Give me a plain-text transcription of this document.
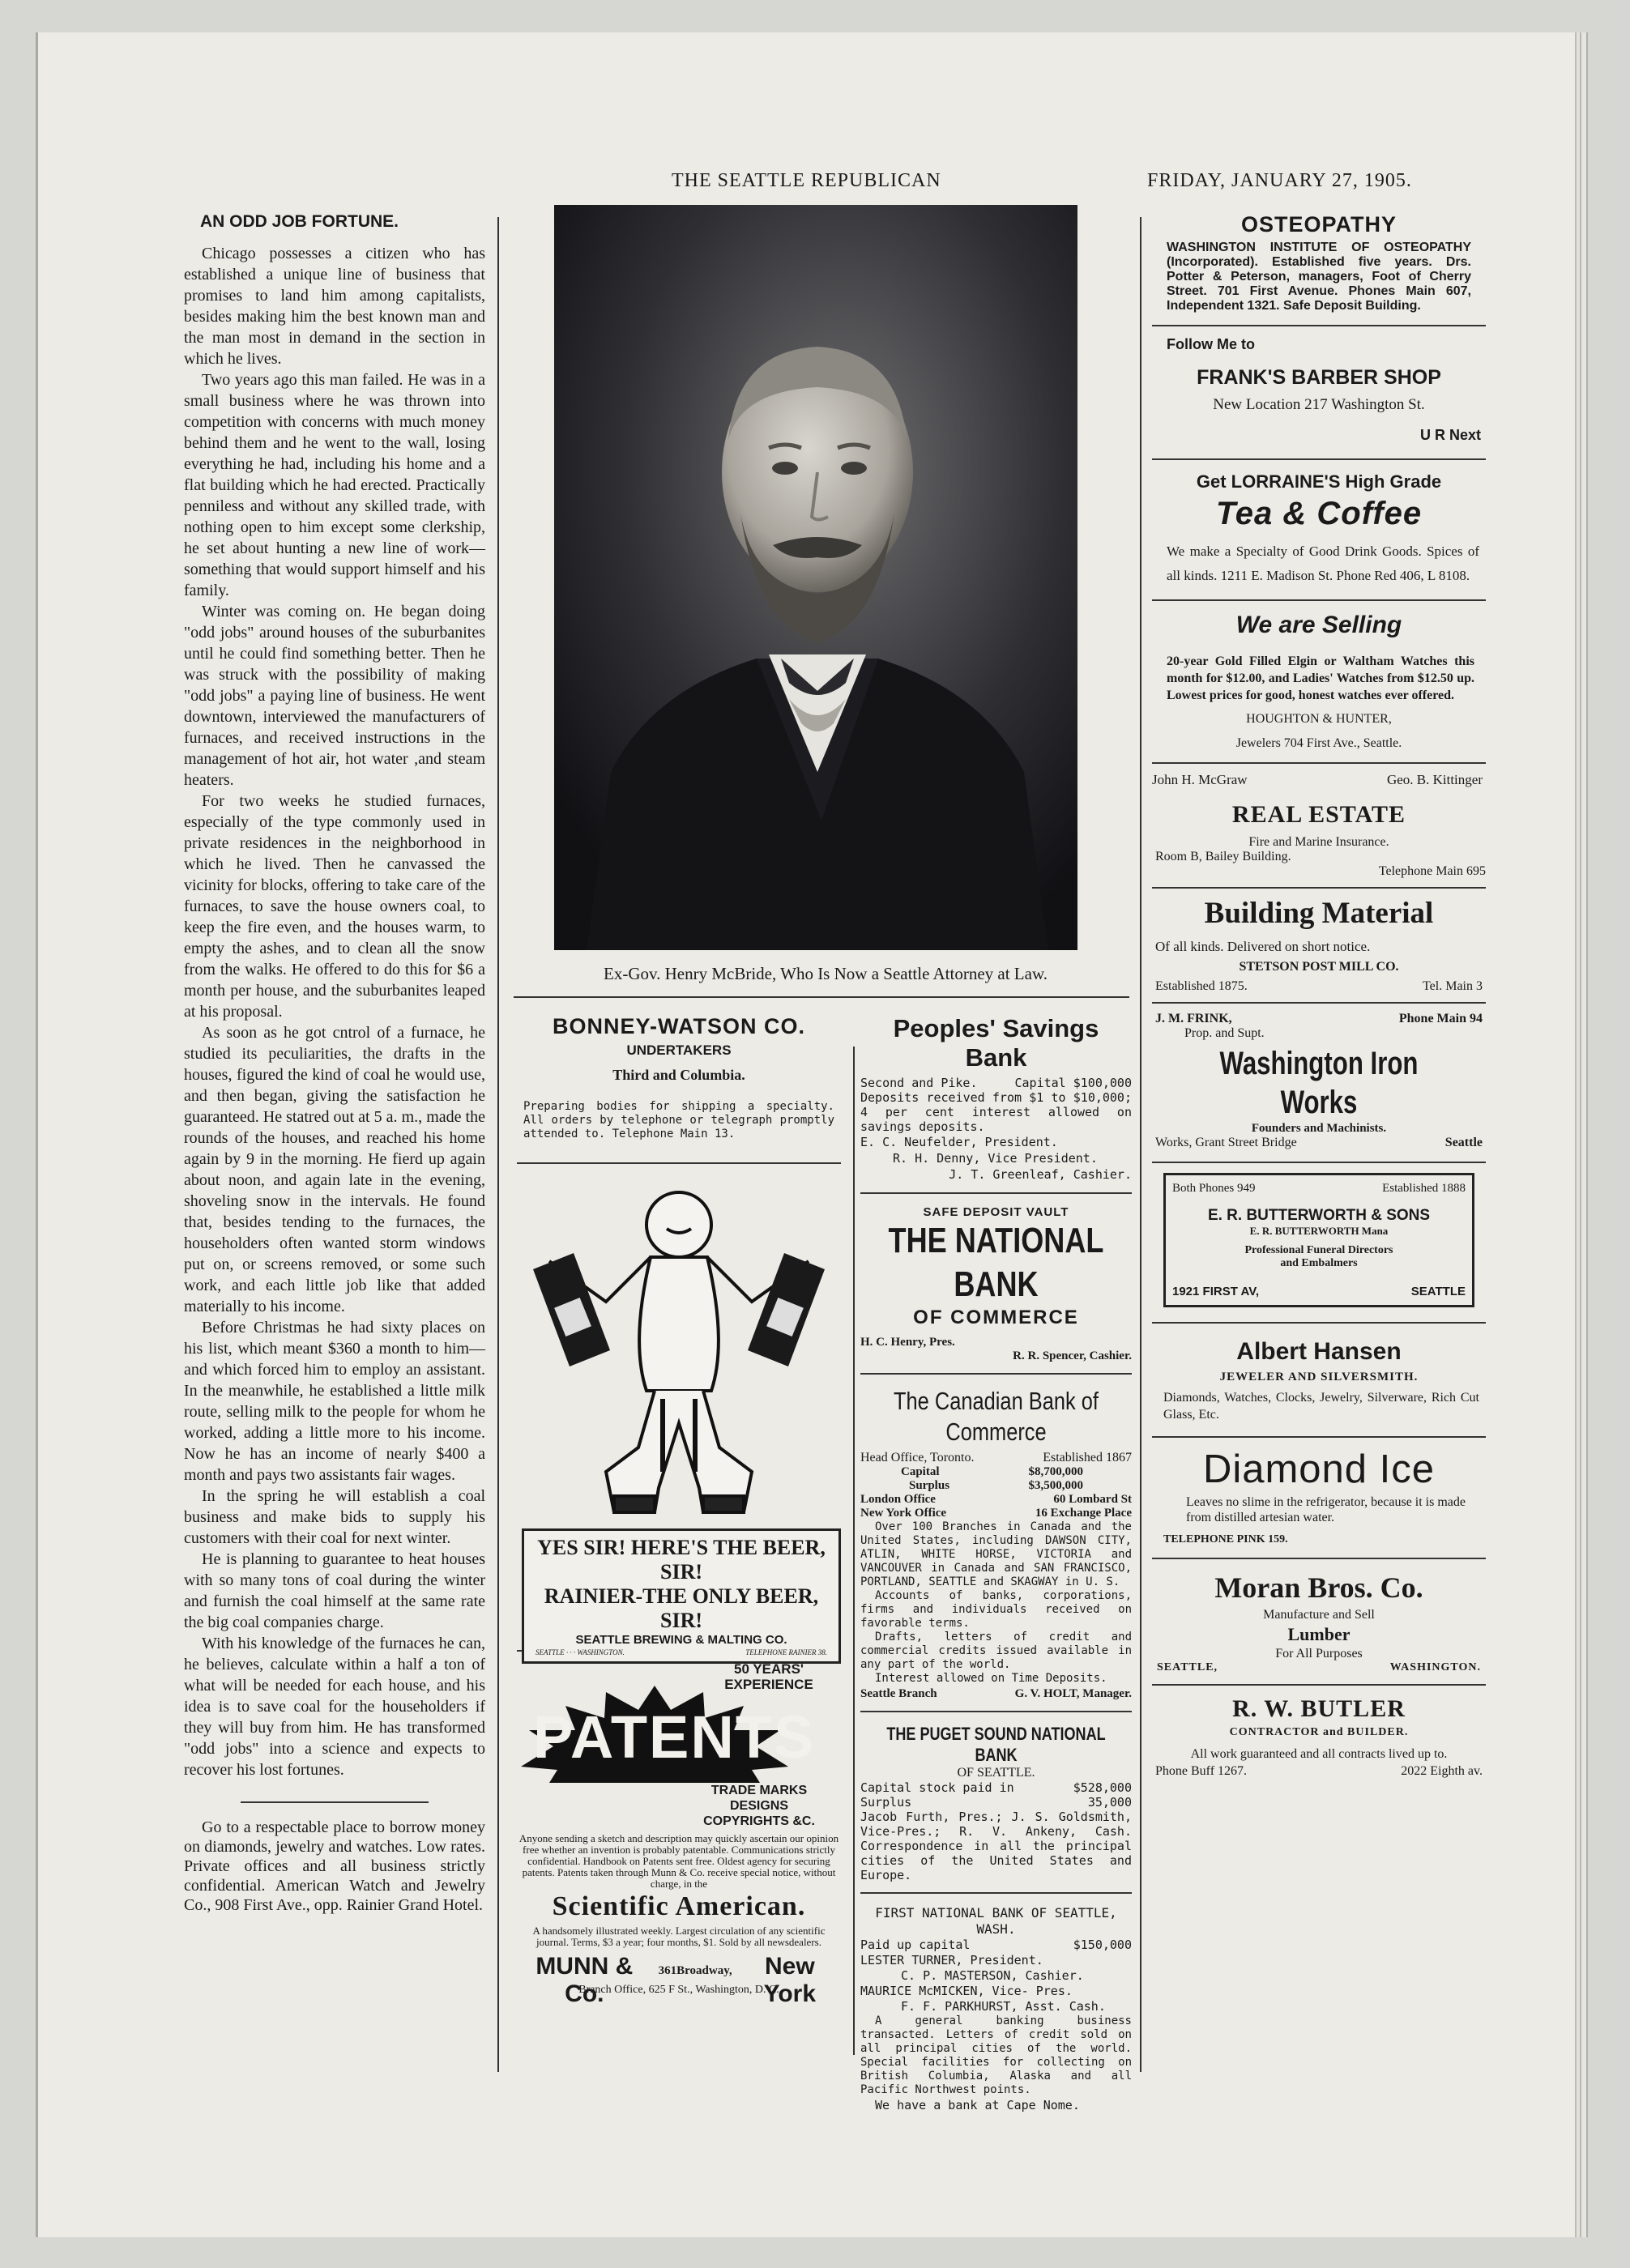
THE SEATTLE REPUBLICAN	FRIDAY, JANUARY 27, 1905.
AN ODD JOB FORTUNE.

Chicago possesses a citizen who has established a unique line of business that promises to land him among capitalists, besides making him the best known man and the man most in demand in the section in which he lives.

Two years ago this man failed. He was in a small business where he was thrown into competition with concerns with much money behind them and he went to the wall, losing everything he had, including his home and a flat building which he had erected. Practically penniless and without any skilled trade, with nothing open to him except some clerkship, he set about hunting a new line of work—something that would support himself and his family.

Winter was coming on. He began doing "odd jobs" around houses of the suburbanites until he could find something better. Then he was struck with the possibility of making "odd jobs" a paying line of business. He went downtown, interviewed the manufacturers of furnaces, and received instructions in the management of hot air, hot water ,and steam heaters.

For two weeks he studied furnaces, especially of the type commonly used in private residences in the neighborhood in which he lived. Then he canvassed the vicinity for blocks, offering to take care of the furnaces, to save the house owners coal, to keep the fire even, and the houses warm, to empty the ashes, and to clean all the snow from the walks. He offered to do this for $6 a month per house, and the suburbanites leaped at his proposal.

As soon as he got cntrol of a furnace, he studied its peculiarities, the drafts in the houses, figured the kind of coal he would use, and then began, giving the satisfaction he guaranteed. He statred out at 5 a. m., made the rounds of the houses, and reached his home again by 9 in the morning. He fierd up again about noon, and again late in the evening, shoveling snow in the intervals. He found that, besides tending to the furnaces, the householders often wanted storm windows put on, or screens removed, or some such work, and each little job like that added materially to his income.

Before Christmas he had sixty places on his list, which meant $360 a month to him—and which forced him to employ an assistant. In the meanwhile, he established a little milk route, selling milk to the people for whom he worked, adding a little more to his income. Now he has an income of nearly $400 a month and pays two assistants fair wages.

In the spring he will establish a coal business and make bids to supply his customers with their coal for next winter.

He is planning to guarantee to heat houses with so many tons of coal during the winter and furnish the coal himself at the same rate the big coal companies charge.

With his knowledge of the furnaces he can, he believes, calculate within a half a ton of what will be needed for each house, and his idea is to save coal for the householders if they will buy from him. He has transformed "odd jobs" into a science and expects to recover his lost fortunes.

Go to a respectable place to borrow money on diamonds, jewelry and watches. Low rates. Private offices and all business strictly confidential. American Watch and Jewelry Co., 908 First Ave., opp. Rainier Grand Hotel.

Ex-Gov. Henry McBride, Who Is Now a Seattle Attorney at Law.
BONNEY-WATSON CO.
UNDERTAKERS
Third and Columbia.
Preparing bodies for shipping a specialty. All orders by telephone or telegraph promptly attended to. Telephone Main 13.
YES SIR! HERE'S THE BEER, SIR!
RAINIER-THE ONLY BEER, SIR!
SEATTLE BREWING & MALTING CO.
SEATTLE · · · WASHINGTON.	TELEPHONE RAINIER 38.
50 YEARS' EXPERIENCE
PATENTS
TRADE MARKS
DESIGNS
COPYRIGHTS &C.
Anyone sending a sketch and description may quickly ascertain our opinion free whether an invention is probably patentable. Communications strictly confidential. Handbook on Patents sent free. Oldest agency for securing patents. Patents taken through Munn & Co. receive special notice, without charge, in the
Scientific American.
A handsomely illustrated weekly. Largest circulation of any scientific journal. Terms, $3 a year; four months, $1. Sold by all newsdealers.
MUNN & Co.
361Broadway,	New York
Branch Office, 625 F St., Washington, D. C.
Peoples' Savings Bank
Second and Pike.	Capital $100,000
Deposits received from $1 to $10,000; 4 per cent interest allowed on savings deposits.
E. C. Neufelder, President.
R. H. Denny, Vice President.
J. T. Greenleaf, Cashier.
SAFE DEPOSIT VAULT
THE NATIONAL BANK
OF COMMERCE
H. C. Henry, Pres.
R. R. Spencer, Cashier.
The Canadian Bank of Commerce
Head Office, Toronto.	Established 1867
Capital	$8,700,000
Surplus	$3,500,000
London Office	60 Lombard St
New York Office	16 Exchange Place
Over 100 Branches in Canada and the United States, including DAWSON CITY, ATLIN, WHITE HORSE, VICTORIA and VANCOUVER in Canada and SAN FRANCISCO, PORTLAND, SEATTLE and SKAGWAY in U. S.
Accounts of banks, corporations, firms and individuals received on favorable terms.
Drafts, letters of credit and commercial credits issued available in any part of the world.
Interest allowed on Time Deposits.
Seattle Branch	G. V. HOLT, Manager.
THE PUGET SOUND NATIONAL BANK
OF SEATTLE.
Capital stock paid in	$528,000
Surplus	35,000
Jacob Furth, Pres.; J. S. Goldsmith, Vice-Pres.; R. V. Ankeny, Cash. Correspondence in all the principal cities of the United States and Europe.
FIRST NATIONAL BANK OF SEATTLE, WASH.
Paid up capital	$150,000
LESTER TURNER, President.
C. P. MASTERSON, Cashier.
MAURICE McMICKEN, Vice- Pres.
F. F. PARKHURST, Asst. Cash.
A general banking business transacted. Letters of credit sold on all principal cities of the world. Special facilities for collecting on British Columbia, Alaska and all Pacific Northwest points.
We have a bank at Cape Nome.
OSTEOPATHY
WASHINGTON INSTITUTE OF OSTEOPATHY (Incorporated). Established five years. Drs. Potter & Peterson, managers, Foot of Cherry Street. 701 First Avenue. Phones Main 607, Independent 1321. Safe Deposit Building.
Follow Me to
FRANK'S BARBER SHOP
New Location 217 Washington St.
U R Next
Get LORRAINE'S High Grade
Tea & Coffee
We make a Specialty of Good Drink Goods. Spices of all kinds. 1211 E. Madison St. Phone Red 406, L 8108.
We are Selling
20-year Gold Filled Elgin or Waltham Watches this month for $12.00, and Ladies' Watches from $12.50 up. Lowest prices for good, honest watches ever offered.
HOUGHTON & HUNTER,
Jewelers 704 First Ave., Seattle.
John H. McGraw	Geo. B. Kittinger
REAL ESTATE
Fire and Marine Insurance.
Room B, Bailey Building.
Telephone Main 695
Building Material
Of all kinds. Delivered on short notice.
STETSON POST MILL CO.
Established 1875.	Tel. Main 3
J. M. FRINK,	Phone Main 94
Prop. and Supt.
Washington Iron Works
Founders and Machinists.
Works, Grant Street Bridge	Seattle
Both Phones 949	Established 1888
E. R. BUTTERWORTH & SONS
E. R. BUTTERWORTH Mana
Professional Funeral Directors
and Embalmers
1921 FIRST AV,	SEATTLE
Albert Hansen
JEWELER AND SILVERSMITH.
Diamonds, Watches, Clocks, Jewelry, Silverware, Rich Cut Glass, Etc.
Diamond Ice
Leaves no slime in the refrigerator, because it is made from distilled artesian water.
TELEPHONE PINK 159.
Moran Bros. Co.
Manufacture and Sell
Lumber
For All Purposes
SEATTLE,	WASHINGTON.
R. W. BUTLER
CONTRACTOR and BUILDER.
All work guaranteed and all contracts lived up to.
Phone Buff 1267.	2022 Eighth av.
